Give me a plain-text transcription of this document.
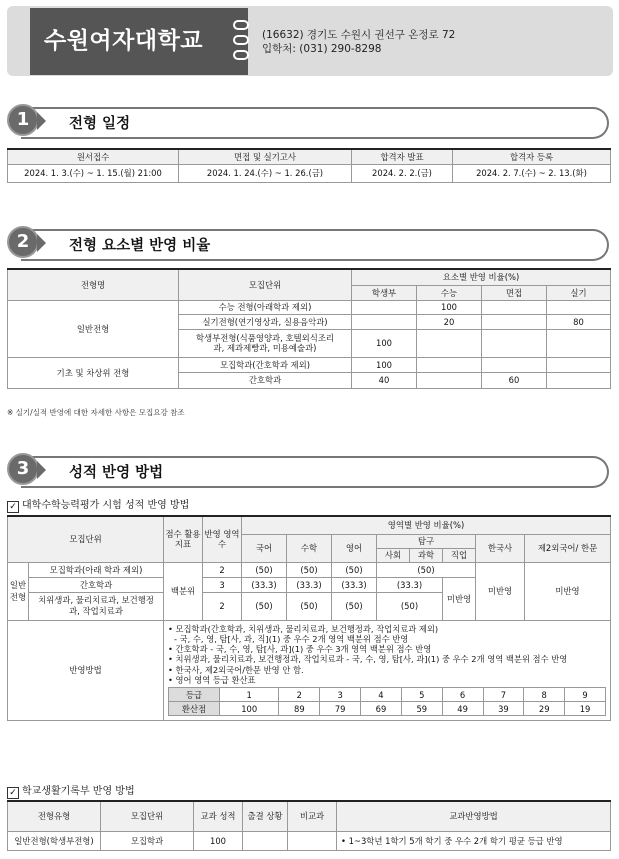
수원여자대학교	(16632) 경기도 수원시 권선구 온정로 72
입학처: (031) 290-8298
1	전형 일정
원서접수	면접 및 실기고사	합격자 발표	합격자 등록
2024. 1. 3.(수) ~ 1. 15.(월) 21:00	2024. 1. 24.(수) ~ 1. 26.(금)	2024. 2. 2.(금)	2024. 2. 7.(수) ~ 2. 13.(화)
2	전형 요소별 반영 비율
전형명	모집단위	요소별 반영 비율(%)			
		학생부	수능	면접	실기
일반전형	수능 전형(아래학과 제외)		100		
	실기전형(연기영상과, 실용음악과)		20		80
	학생부전형(식품영양과, 호텔외식조리과, 제과제빵과, 미용예술과)	100			
기초 및 차상위 전형	모집학과(간호학과 제외)	100			
	간호학과	40		60	
※ 실기/실적 반영에 대한 자세한 사항은 모집요강 참조
3	성적 반영 방법
✓ 대학수학능력평가 시험 성적 반영 방법
모집단위	점수 활용 지표	반영 영역수	영역별 반영 비율(%)
국어	수학	영어	탐구	한국사	제2외국어/ 한문
사회	과학	직업
일반 전형	모집학과(아래 학과 제외)	백분위	2	(50)	(50)	(50)	(50)	미반영	미반영
간호학과	3	(33.3)	(33.3)	(33.3)	(33.3)	미반영
치위생과, 물리치료과, 보건행정과, 작업치료과	2	(50)	(50)	(50)	(50)
반영방법	
• 모집학과(간호학과, 치위생과, 물리치료과, 보건행정과, 작업치료과 제외)
- 국, 수, 영, 탐[사, 과, 직](1) 중 우수 2개 영역 백분위 점수 반영
• 간호학과 - 국, 수, 영, 탐[사, 과](1) 중 우수 3개 영역 백분위 점수 반영
• 치위생과, 물리치료과, 보건행정과, 작업치료과 - 국, 수, 영, 탐[사, 과](1) 중 우수 2개 영역 백분위 점수 반영
• 한국사, 제2외국어/한문 반영 안 함.
• 영어 영역 등급 환산표
등급	1	2	3	4	5	6	7	8	9
환산점	100	89	79	69	59	49	39	29	19
✓ 학교생활기록부 반영 방법
전형유형	모집단위	교과 성적	출결 상황	비교과	교과반영방법
일반전형(학생부전형)	모집학과	100			• 1~3학년 1학기 5개 학기 중 우수 2개 학기 평균 등급 반영
